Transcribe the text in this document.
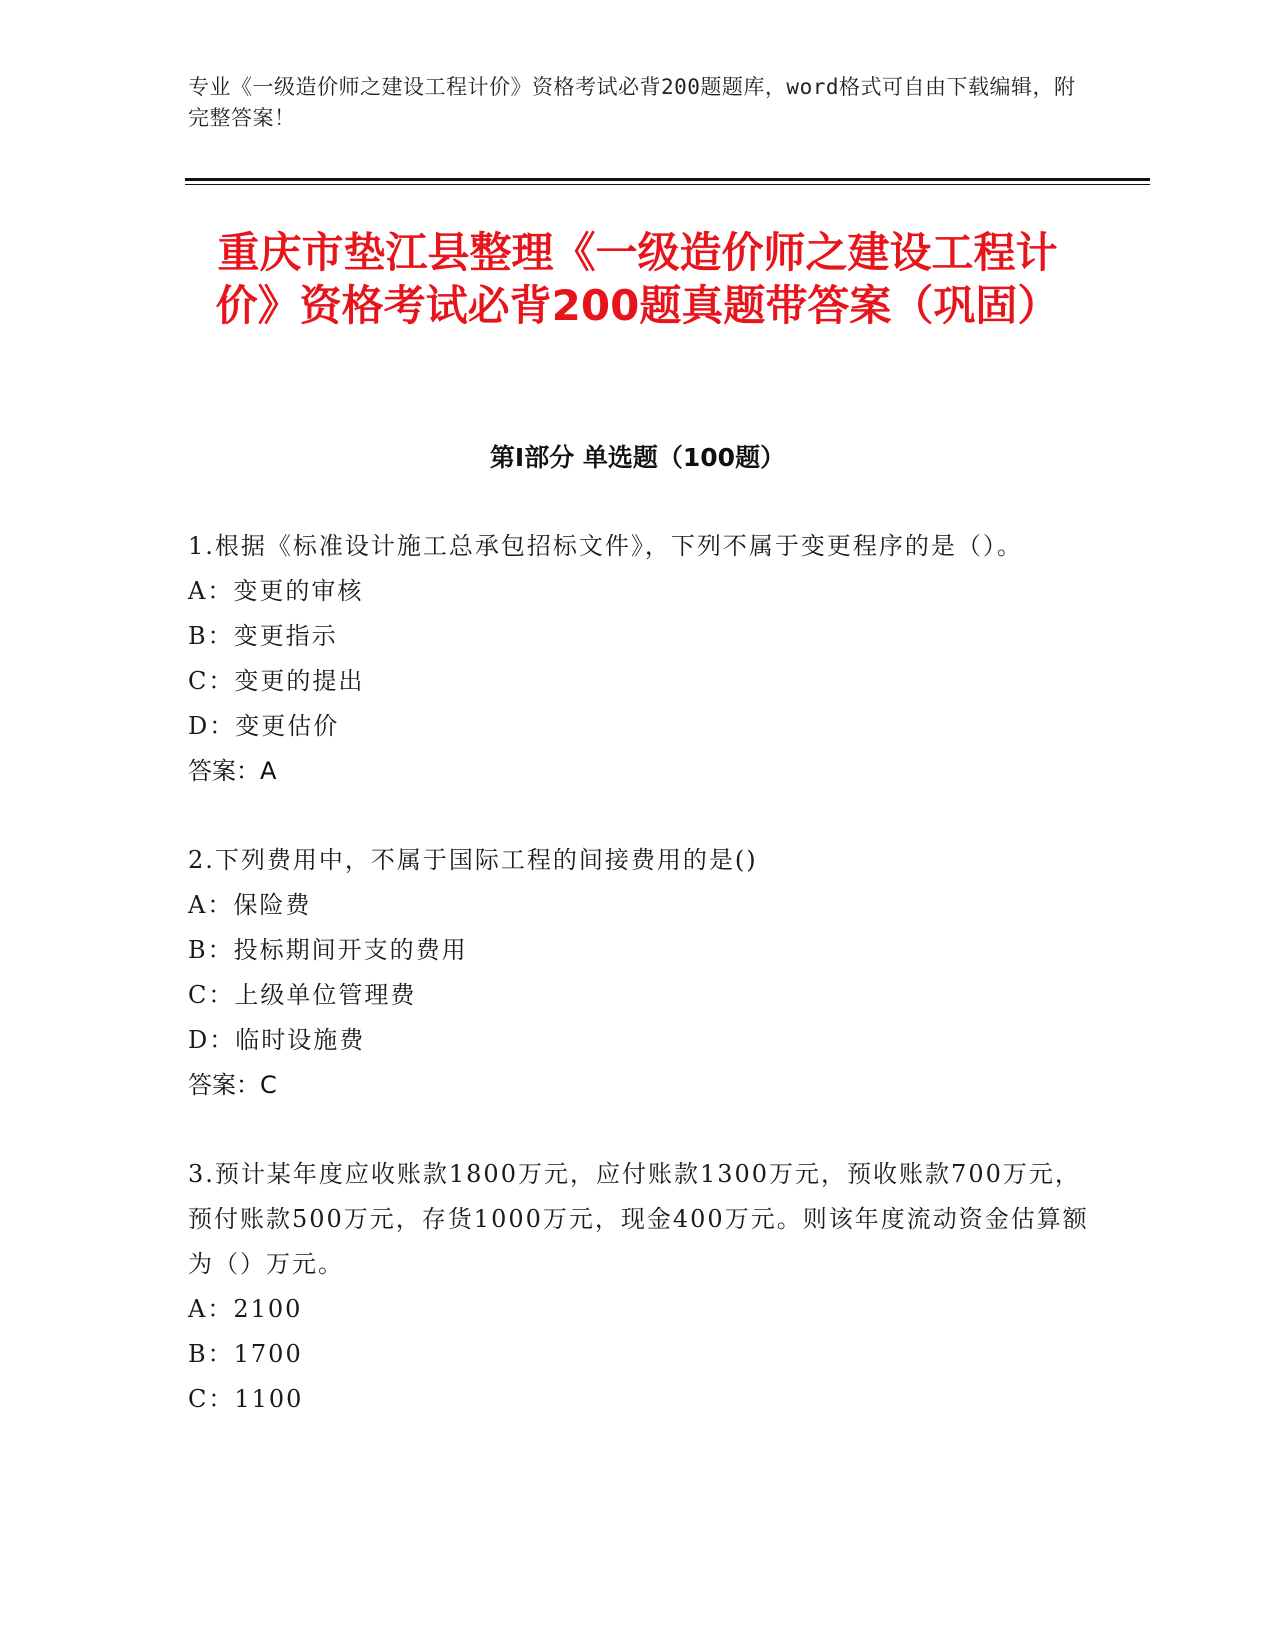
专业《一级造价师之建设工程计价》资格考试必背200题题库，word格式可自由下载编辑，附完整答案！
重庆市垫江县整理《一级造价师之建设工程计价》资格考试必背200题真题带答案（巩固）
第Ⅰ部分 单选题（100题）
1.根据《标准设计施工总承包招标文件》，下列不属于变更程序的是（）。
A：变更的审核
B：变更指示
C：变更的提出
D：变更估价
答案：A
2.下列费用中，不属于国际工程的间接费用的是()
A：保险费
B：投标期间开支的费用
C：上级单位管理费
D：临时设施费
答案：C
3.预计某年度应收账款1800万元，应付账款1300万元，预收账款700万元，预付账款500万元，存货1000万元，现金400万元。则该年度流动资金估算额为（）万元。
A：2100
B：1700
C：1100
